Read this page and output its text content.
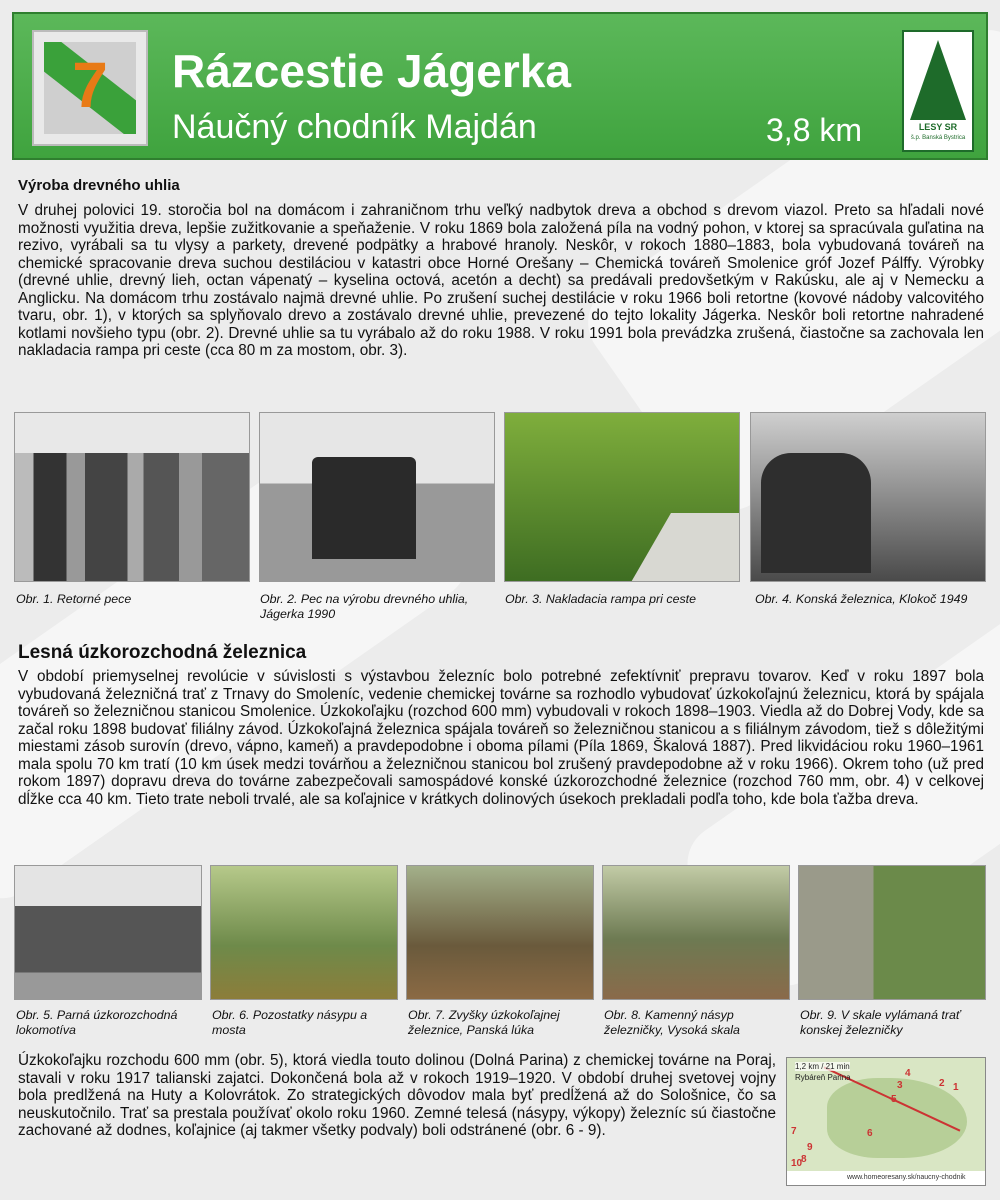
7	Rázcestie Jágerka
Náučný chodník Majdán	3,8 km	LESY SR
š.p. Banská Bystrica
Výroba drevného uhlia

V druhej polovici 19. storočia bol na domácom i zahraničnom trhu veľký nadbytok dreva a obchod s drevom viazol. Preto sa hľadali nové možnosti využitia dreva, lepšie zužitkovanie a speňaženie. V roku 1869 bola založená píla na vodný pohon, v ktorej sa spracúvala guľatina na rezivo, vyrábali sa tu vlysy a parkety, drevené podpätky a hrabové hranoly. Neskôr, v rokoch 1880–1883, bola vybudovaná továreň na chemické spracovanie dreva suchou destiláciou v katastri obce Horné Orešany – Chemická továreň Smolenice gróf Jozef Pálffy. Výrobky (drevné uhlie, drevný lieh, octan vápenatý – kyselina octová, acetón a decht) sa predávali predovšetkým v Rakúsku, ale aj v Nemecku a Anglicku. Na domácom trhu zostávalo najmä drevné uhlie. Po zrušení suchej destilácie v roku 1966 boli retortne (kovové nádoby valcovitého tvaru, obr. 1), v ktorých sa splyňovalo drevo a zostávalo drevné uhlie, prevezené do tejto lokality Jágerka. Neskôr boli retortne nahradené kotlami novšieho typu (obr. 2). Drevné uhlie sa tu vyrábalo až do roku 1988. V roku 1991 bola prevádzka zrušená, čiastočne sa zachovala len nakladacia rampa pri ceste (cca 80 m za mostom, obr. 3).

Obr. 1. Retorné pece	Obr. 2. Pec na výrobu drevného uhlia, Jágerka 1990
Obr. 3. Nakladacia rampa pri ceste	Obr. 4. Konská železnica, Klokoč 1949
Lesná úzkorozchodná železnica

V období priemyselnej revolúcie v súvislosti s výstavbou železníc bolo potrebné zefektívniť prepravu tovarov. Keď v roku 1897 bola vybudovaná železničná trať z Trnavy do Smoleníc, vedenie chemickej továrne sa rozhodlo vybudovať úzkokoľajnú železnicu, ktorá by spájala továreň so železničnou stanicou Smolenice. Úzkokoľajku (rozchod 600 mm) vybudovali v rokoch 1898–1903. Viedla až do Dobrej Vody, kde sa začal roku 1898 budovať filiálny závod. Úzkokoľajná železnica spájala továreň so železničnou stanicou a s filiálnym závodom, tiež s dôležitými miestami zásob surovín (drevo, vápno, kameň) a pravdepodobne i oboma pílami (Píla 1869, Škalová 1887). Pred likvidáciou roku 1960–1961 mala spolu 70 km tratí (10 km úsek medzi továrňou a železničnou stanicou bol zrušený pravdepodobne až v roku 1966). Okrem toho (už pred rokom 1897) dopravu dreva do továrne zabezpečovali samospádové konské úzkorozchodné železnice (rozchod 760 mm, obr. 4) v celkovej dĺžke cca 40 km. Tieto trate neboli trvalé, ale sa koľajnice v krátkych dolinových úsekoch prekladali podľa toho, kde bola ťažba dreva.

Obr. 5. Parná úzkorozchodná lokomotíva
Obr. 6. Pozostatky násypu a mosta
Obr. 7. Zvyšky úzkokoľajnej železnice, Panská lúka
Obr. 8. Kamenný násyp železničky, Vysoká skala
Obr. 9. V skale vylámaná trať konskej železničky

Úzkokoľajku rozchodu 600 mm (obr. 5), ktorá viedla touto dolinou (Dolná Parina) z chemickej továrne na Poraj, stavali v roku 1917 talianski zajatci. Dokončená bola až v rokoch 1919–1920. V období druhej svetovej vojny bola predlžená na Huty a Kolovrátok. Zo strategických dôvodov mala byť predĺžená až do Sološnice, čo sa neuskutočnilo. Trať sa prestala používať okolo roku 1960. Zemné telesá (násypy, výkopy) železníc sú čiastočne zachované až dodnes, koľajnice (aj takmer všetky podvaly) boli odstránené (obr. 6 - 9).

1,2 km / 21 min
Rybáreň Parina
1
2
3
4
5
6
7
8
9
10
www.homeoresany.sk/naucny-chodnik
